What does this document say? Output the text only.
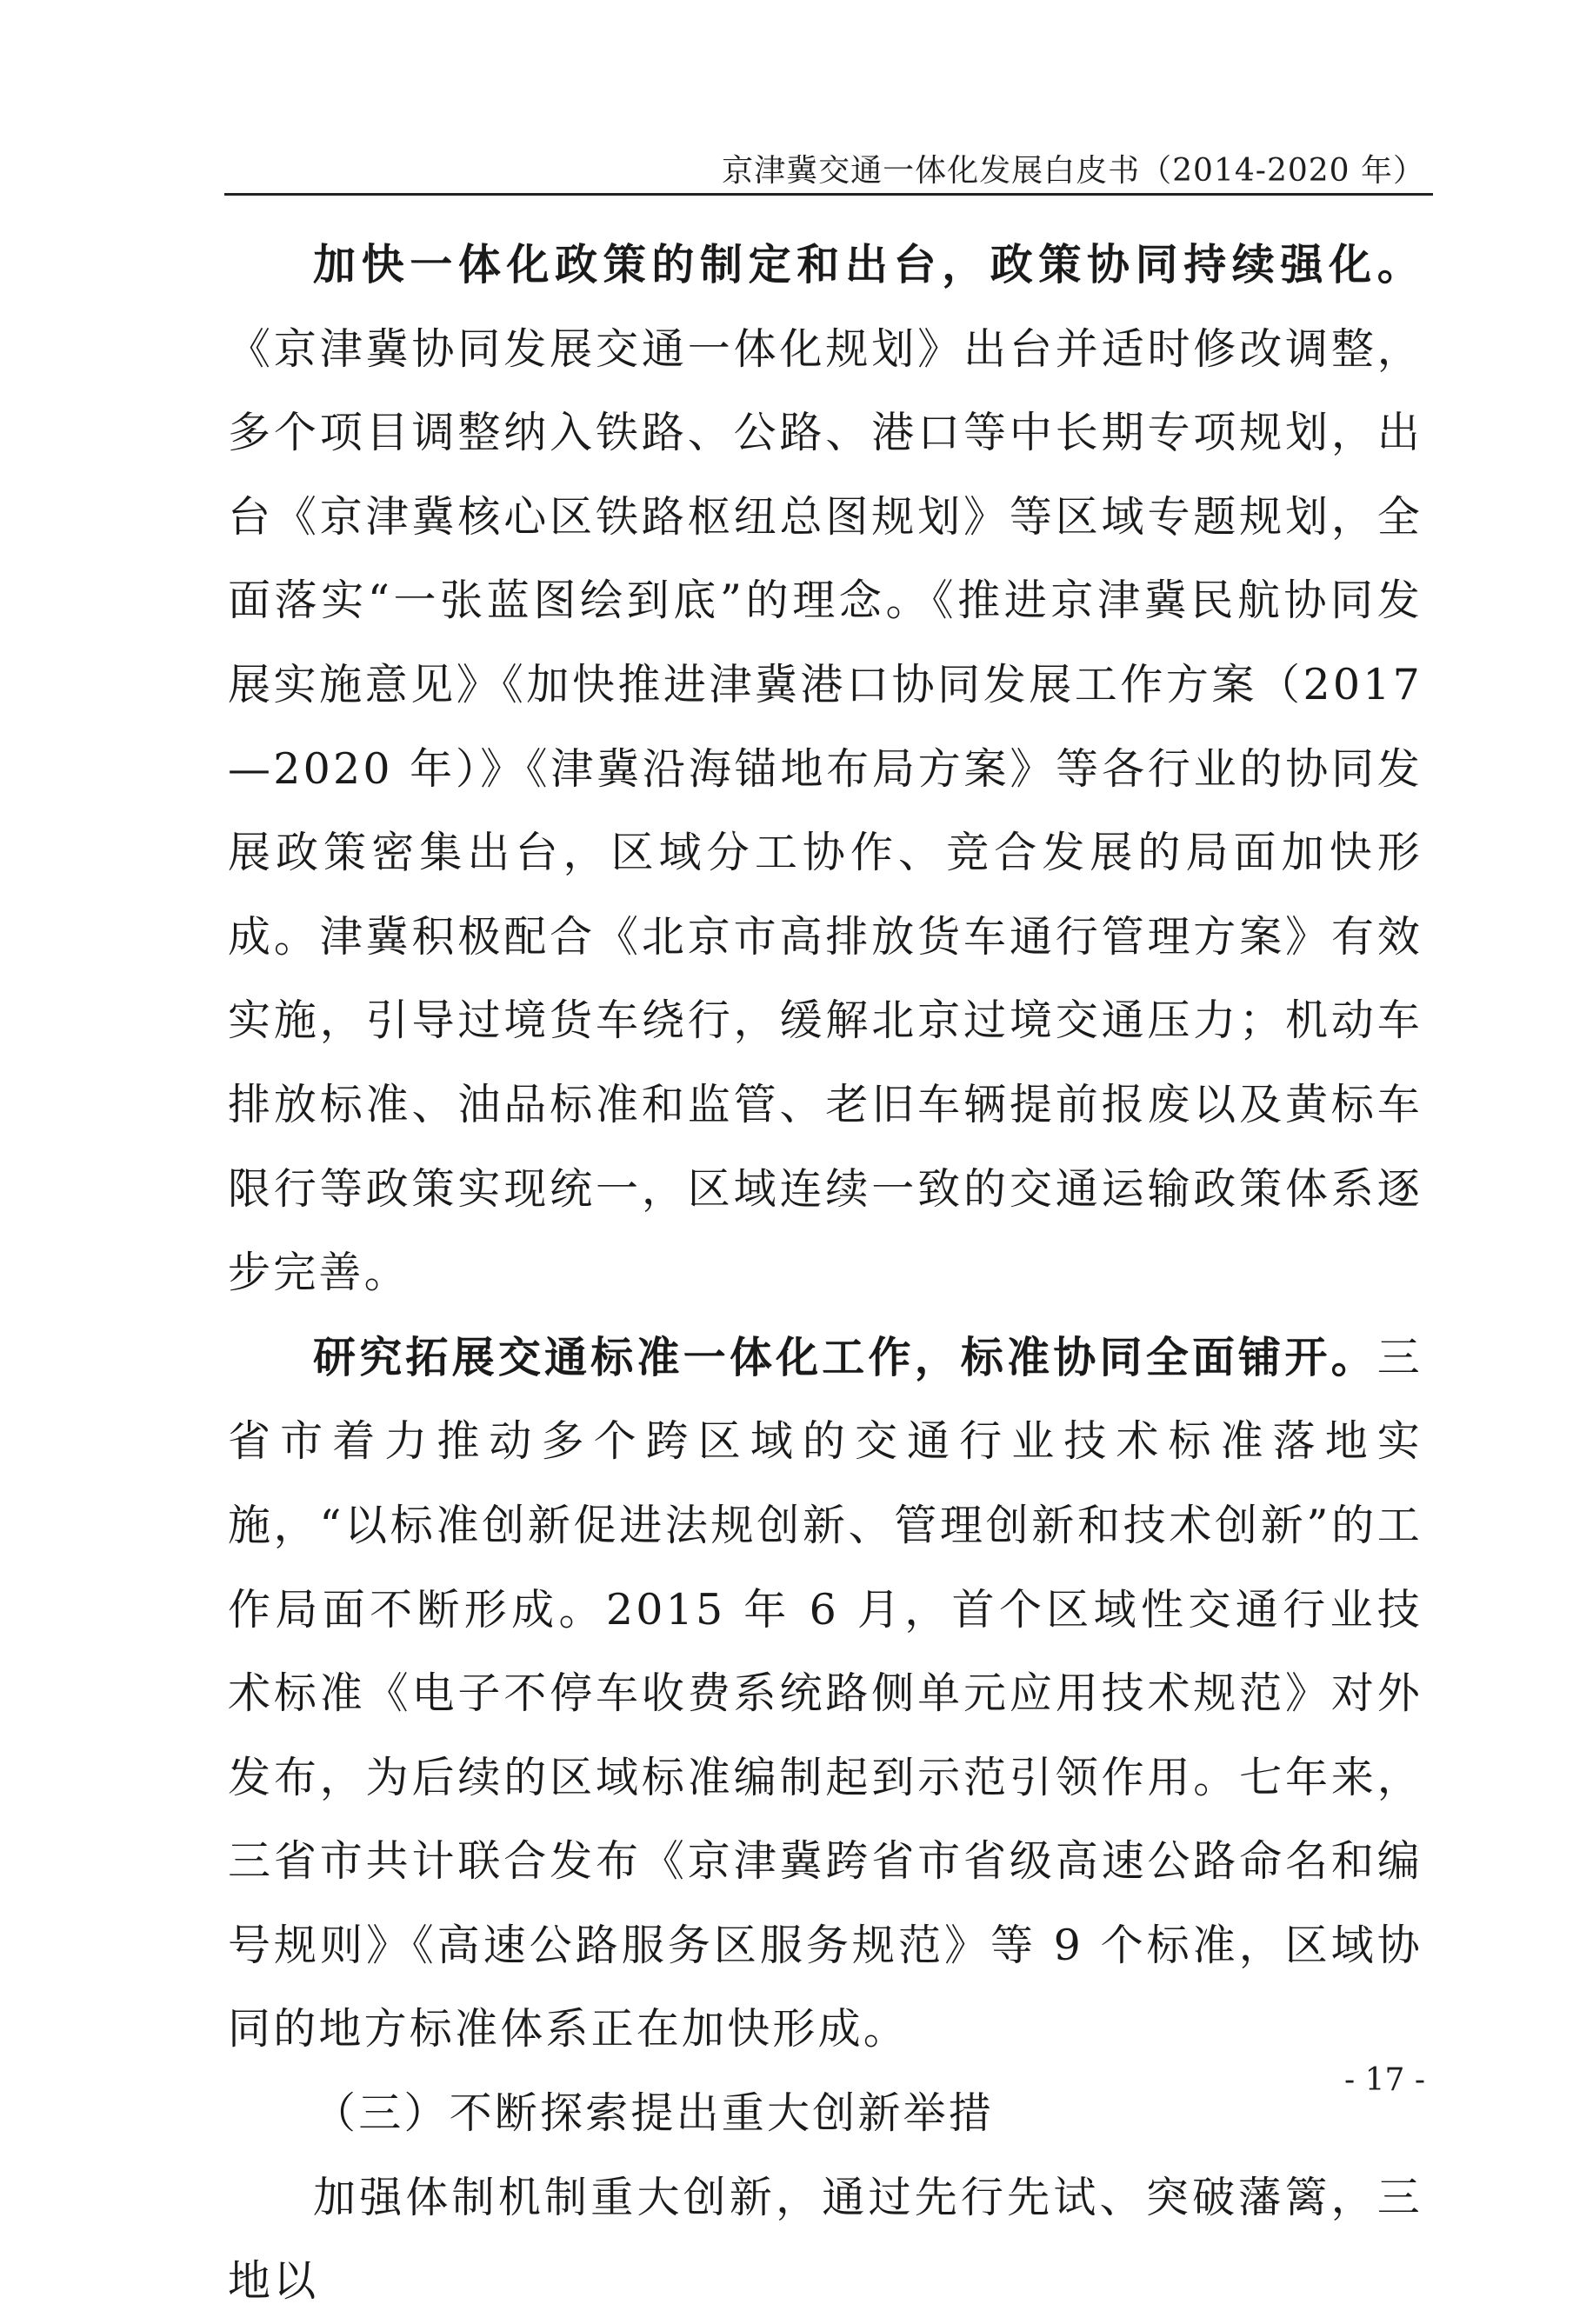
京津冀交通一体化发展白皮书（2014-2020 年）

加快一体化政策的制定和出台，政策协同持续强化。《京津冀协同发展交通一体化规划》出台并适时修改调整，多个项目调整纳入铁路、公路、港口等中长期专项规划，出台《京津冀核心区铁路枢纽总图规划》等区域专题规划，全面落实“一张蓝图绘到底”的理念。《推进京津冀民航协同发展实施意见》《加快推进津冀港口协同发展工作方案（2017—2020 年）》《津冀沿海锚地布局方案》等各行业的协同发展政策密集出台，区域分工协作、竞合发展的局面加快形成。津冀积极配合《北京市高排放货车通行管理方案》有效实施，引导过境货车绕行，缓解北京过境交通压力；机动车排放标准、油品标准和监管、老旧车辆提前报废以及黄标车限行等政策实现统一，区域连续一致的交通运输政策体系逐步完善。

研究拓展交通标准一体化工作，标准协同全面铺开。三省市着力推动多个跨区域的交通行业技术标准落地实施，“以标准创新促进法规创新、管理创新和技术创新”的工作局面不断形成。2015 年 6 月，首个区域性交通行业技术标准《电子不停车收费系统路侧单元应用技术规范》对外发布，为后续的区域标准编制起到示范引领作用。七年来，三省市共计联合发布《京津冀跨省市省级高速公路命名和编号规则》《高速公路服务区服务规范》等 9 个标准，区域协同的地方标准体系正在加快形成。

（三）不断探索提出重大创新举措

加强体制机制重大创新，通过先行先试、突破藩篱，三地以

- 17 -
